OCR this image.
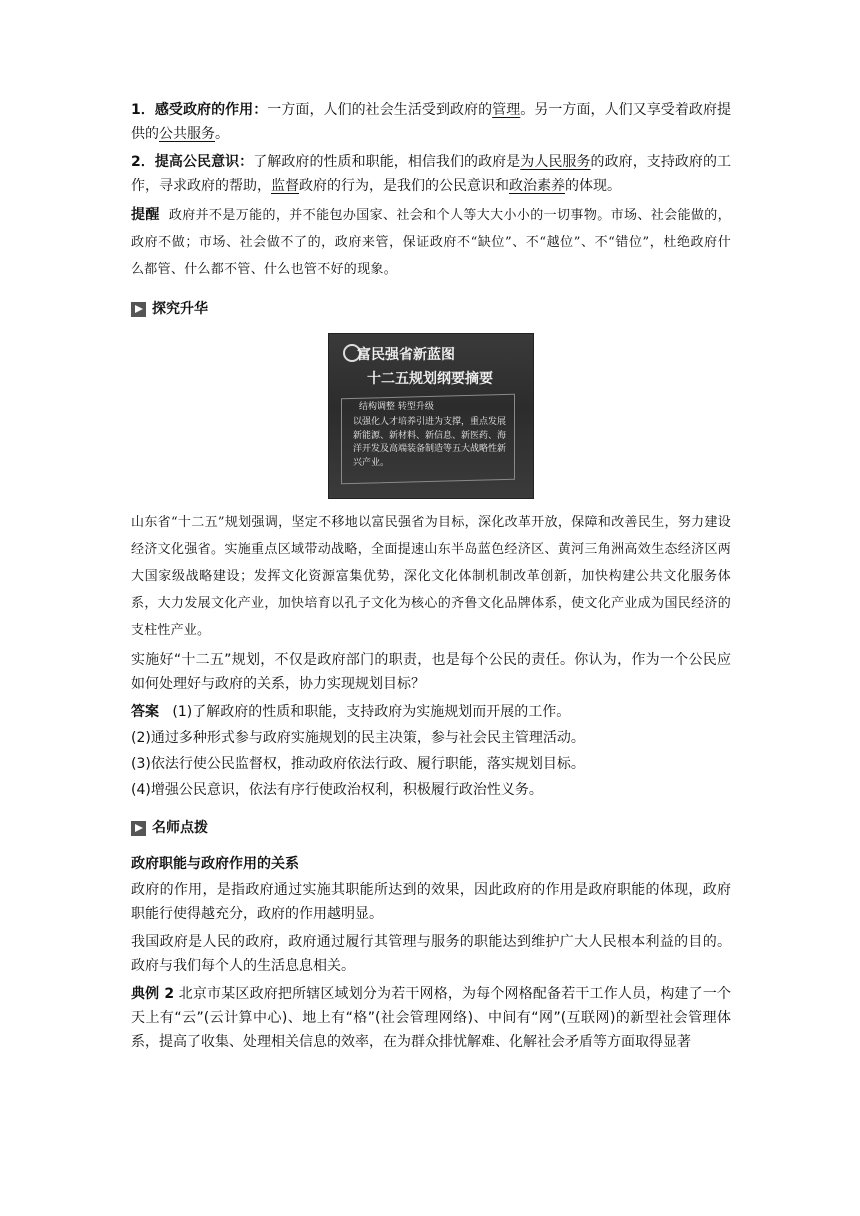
1．感受政府的作用：一方面，人们的社会生活受到政府的管理。另一方面，人们又享受着政府提供的公共服务。

2．提高公民意识：了解政府的性质和职能，相信我们的政府是为人民服务的政府，支持政府的工作，寻求政府的帮助，监督政府的行为，是我们的公民意识和政治素养的体现。

提醒 政府并不是万能的，并不能包办国家、社会和个人等大大小小的一切事物。市场、社会能做的，政府不做；市场、社会做不了的，政府来管，保证政府不“缺位”、不“越位”、不“错位”，杜绝政府什么都管、什么都不管、什么也管不好的现象。

探究升华
富民强省新蓝图
十二五规划纲要摘要
结构调整 转型升级
以强化人才培养引进为支撑，重点发展新能源、新材料、新信息、新医药、海洋开发及高端装备制造等五大战略性新兴产业。

山东省“十二五”规划强调，坚定不移地以富民强省为目标，深化改革开放，保障和改善民生，努力建设经济文化强省。实施重点区域带动战略，全面提速山东半岛蓝色经济区、黄河三角洲高效生态经济区两大国家级战略建设；发挥文化资源富集优势，深化文化体制机制改革创新，加快构建公共文化服务体系，大力发展文化产业，加快培育以孔子文化为核心的齐鲁文化品牌体系，使文化产业成为国民经济的支柱性产业。

实施好“十二五”规划，不仅是政府部门的职责，也是每个公民的责任。你认为，作为一个公民应如何处理好与政府的关系，协力实现规划目标？

答案 (1)了解政府的性质和职能，支持政府为实施规划而开展的工作。

(2)通过多种形式参与政府实施规划的民主决策，参与社会民主管理活动。

(3)依法行使公民监督权，推动政府依法行政、履行职能，落实规划目标。

(4)增强公民意识，依法有序行使政治权利，积极履行政治性义务。

名师点拨

政府职能与政府作用的关系

政府的作用，是指政府通过实施其职能所达到的效果，因此政府的作用是政府职能的体现，政府职能行使得越充分，政府的作用越明显。

我国政府是人民的政府，政府通过履行其管理与服务的职能达到维护广大人民根本利益的目的。政府与我们每个人的生活息息相关。

典例 2 北京市某区政府把所辖区域划分为若干网格，为每个网格配备若干工作人员，构建了一个天上有“云”(云计算中心)、地上有“格”(社会管理网络)、中间有“网”(互联网)的新型社会管理体系，提高了收集、处理相关信息的效率，在为群众排忧解难、化解社会矛盾等方面取得显著
